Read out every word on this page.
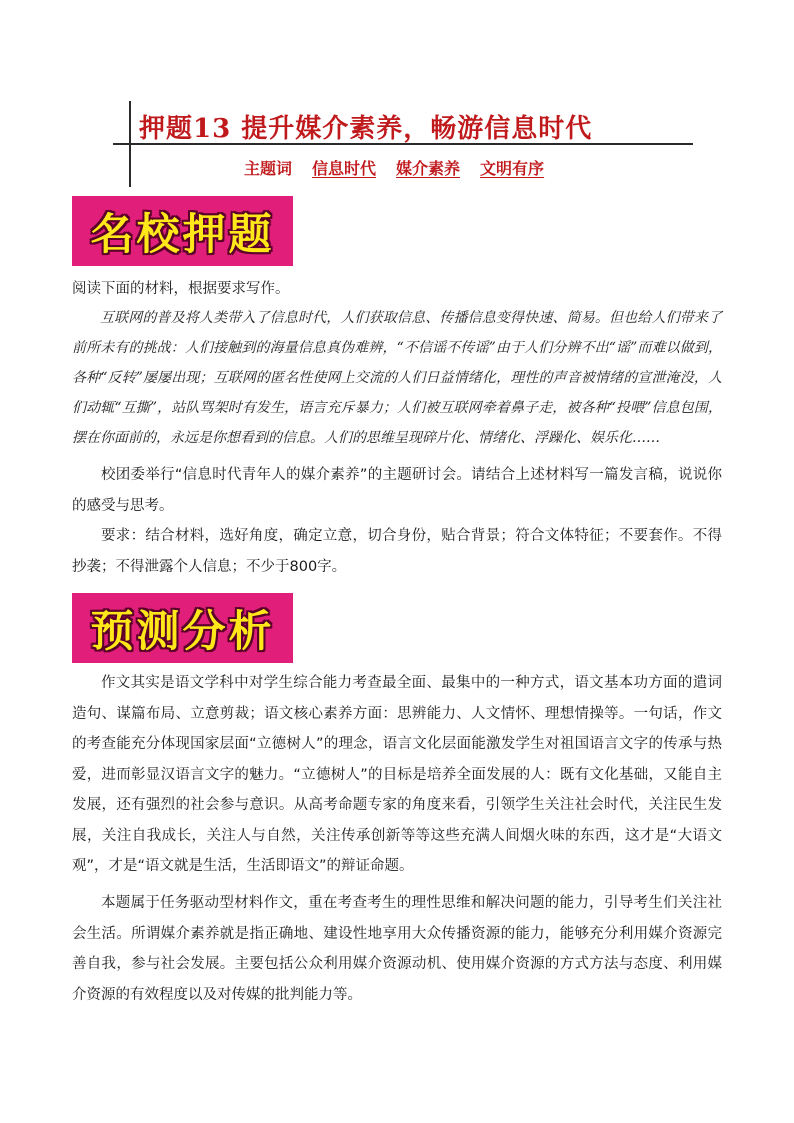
押题13 提升媒介素养，畅游信息时代
主题词 信息时代 媒介素养 文明有序
名校押题
阅读下面的材料，根据要求写作。
互联网的普及将人类带入了信息时代，人们获取信息、传播信息变得快速、简易。但也给人们带来了前所未有的挑战：人们接触到的海量信息真伪难辨，“不信谣不传谣”由于人们分辨不出“谣”而难以做到，各种“反转”屡屡出现；互联网的匿名性使网上交流的人们日益情绪化，理性的声音被情绪的宣泄淹没，人们动辄“互撕”，站队骂架时有发生，语言充斥暴力；人们被互联网牵着鼻子走，被各种“投喂”信息包围，摆在你面前的，永远是你想看到的信息。人们的思维呈现碎片化、情绪化、浮躁化、娱乐化……
校团委举行“信息时代青年人的媒介素养”的主题研讨会。请结合上述材料写一篇发言稿，说说你的感受与思考。
要求：结合材料，选好角度，确定立意，切合身份，贴合背景；符合文体特征；不要套作。不得抄袭；不得泄露个人信息；不少于800字。
预测分析
作文其实是语文学科中对学生综合能力考查最全面、最集中的一种方式，语文基本功方面的遣词造句、谋篇布局、立意剪裁；语文核心素养方面：思辨能力、人文情怀、理想情操等。一句话，作文的考查能充分体现国家层面“立德树人”的理念，语言文化层面能激发学生对祖国语言文字的传承与热爱，进而彰显汉语言文字的魅力。“立德树人”的目标是培养全面发展的人：既有文化基础，又能自主发展，还有强烈的社会参与意识。从高考命题专家的角度来看，引领学生关注社会时代，关注民生发展，关注自我成长，关注人与自然，关注传承创新等等这些充满人间烟火味的东西，这才是“大语文观”，才是“语文就是生活，生活即语文”的辩证命题。
本题属于任务驱动型材料作文，重在考查考生的理性思维和解决问题的能力，引导考生们关注社会生活。所谓媒介素养就是指正确地、建设性地享用大众传播资源的能力，能够充分利用媒介资源完善自我，参与社会发展。主要包括公众利用媒介资源动机、使用媒介资源的方式方法与态度、利用媒介资源的有效程度以及对传媒的批判能力等。
